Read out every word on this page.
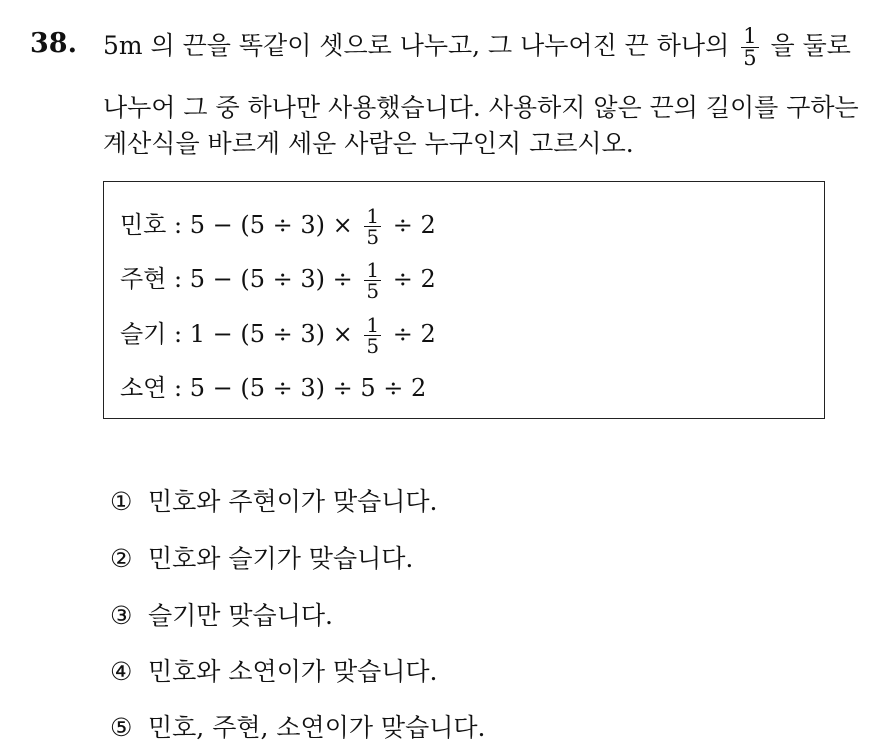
38. 5m 의 끈을 똑같이 셋으로 나누고, 그 나누어진 끈 하나의 $\frac{1}{5}$ 을 둘로
나누어 그 중 하나만 사용했습니다. 사용하지 않은 끈의 길이를 구하는
계산식을 바르게 세운 사람은 누구인지 고르시오.
민호 : $5 - (5 \div 3) \times \frac{1}{5} \div 2$
주현 : $5 - (5 \div 3) \div \frac{1}{5} \div 2$
슬기 : $1 - (5 \div 3) \times \frac{1}{5} \div 2$
소연 : 5 − (5 ÷ 3) ÷ 5 ÷ 2
① 민호와 주현이가 맞습니다.
② 민호와 슬기가 맞습니다.
③ 슬기만 맞습니다.
④ 민호와 소연이가 맞습니다.
⑤ 민호, 주현, 소연이가 맞습니다.
